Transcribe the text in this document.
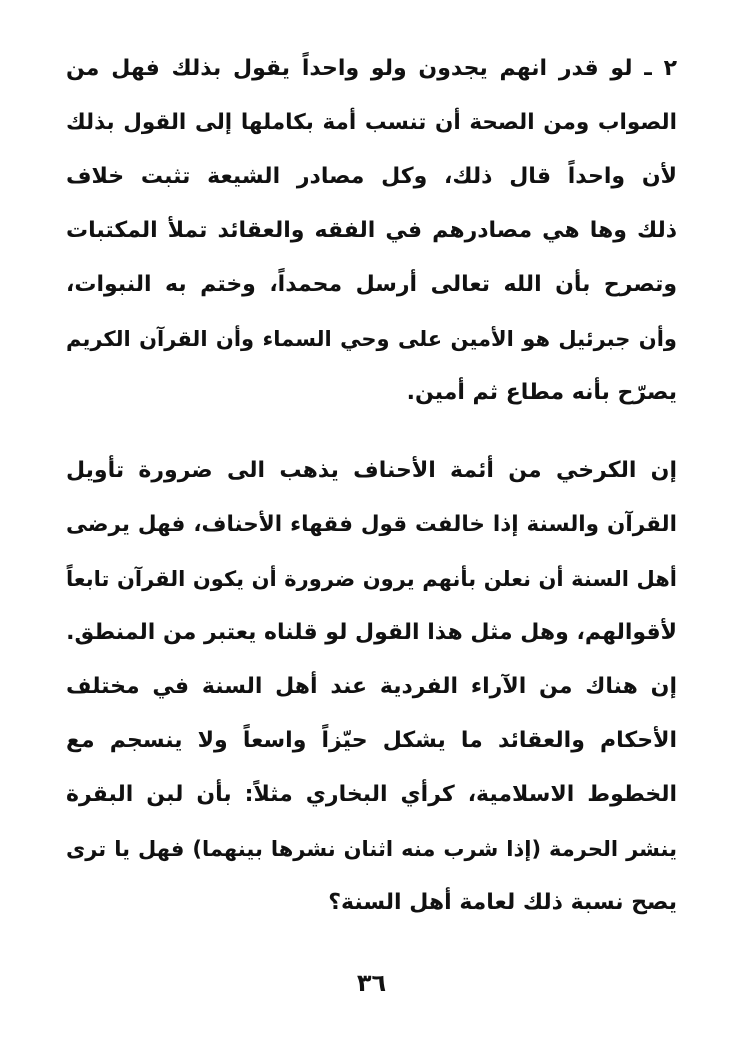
٢ ـ لو قدر انهم يجدون ولو واحداً يقول بذلك فهل من
الصواب ومن الصحة أن تنسب أمة بكاملها إلى القول بذلك
لأن واحداً قال ذلك، وكل مصادر الشيعة تثبت خلاف
ذلك وها هي مصادرهم في الفقه والعقائد تملأ المكتبات
وتصرح بأن الله تعالى أرسل محمداً، وختم به النبوات،
وأن جبرئيل هو الأمين على وحي السماء وأن القرآن الكريم
يصرّح بأنه مطاع ثم أمين.
إن الكرخي من أئمة الأحناف يذهب الى ضرورة تأويل
القرآن والسنة إذا خالفت قول فقهاء الأحناف، فهل يرضى
أهل السنة أن نعلن بأنهم يرون ضرورة أن يكون القرآن تابعاً
لأقوالهم، وهل مثل هذا القول لو قلناه يعتبر من المنطق.
إن هناك من الآراء الفردية عند أهل السنة في مختلف
الأحكام والعقائد ما يشكل حيّزاً واسعاً ولا ينسجم مع
الخطوط الاسلامية، كرأي البخاري مثلاً: بأن لبن البقرة
ينشر الحرمة (إذا شرب منه اثنان نشرها بينهما) فهل يا ترى
يصح نسبة ذلك لعامة أهل السنة؟
٣٦
